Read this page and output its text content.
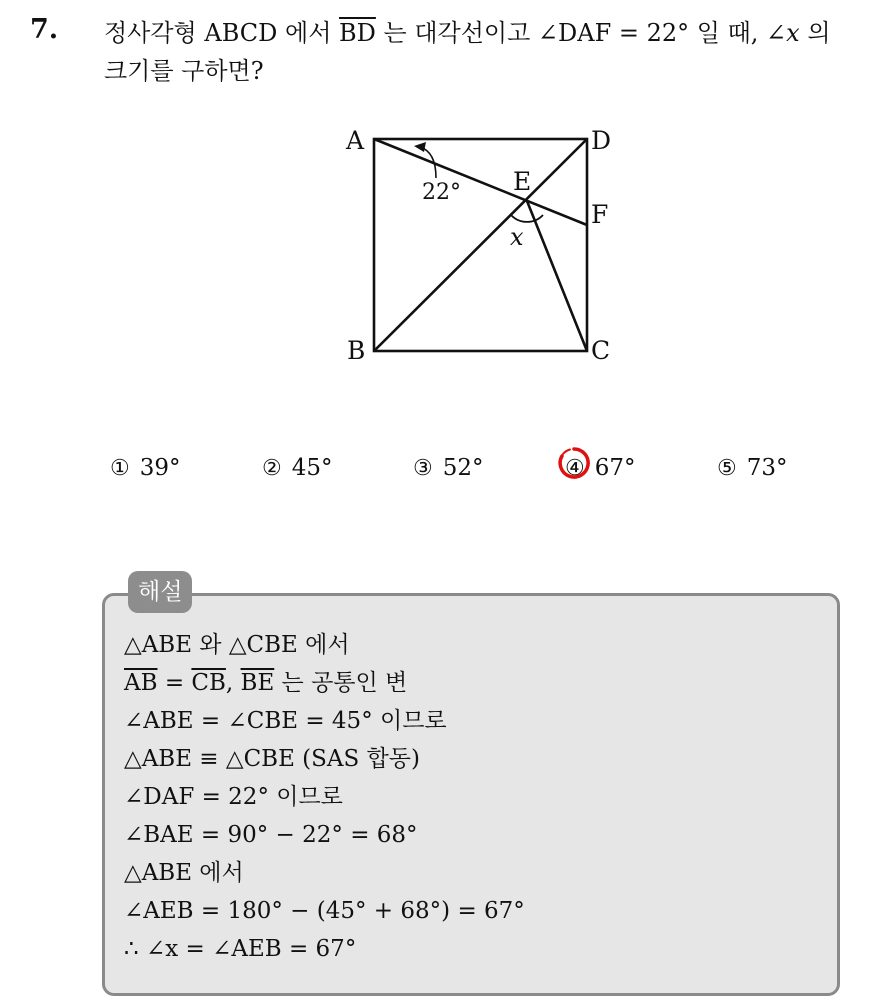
7. 정사각형 ABCD 에서 $\overline{BD}$ 는 대각선이고 ∠DAF = 22° 일 때, ∠x 의
크기를 구하면?
A	D
B	C
E
F
22°
x
① 39°	② 45°	③ 52°	④ 67°	⑤ 73°
해설
△ABE 와 △CBE 에서
$\overline{AB} = \overline{CB}$, $\overline{BE}$ 는 공통인 변
∠ABE = ∠CBE = 45° 이므로
△ABE ≡ △CBE (SAS 합동)
∠DAF = 22° 이므로
∠BAE = 90° − 22° = 68°
△ABE 에서
∠AEB = 180° − (45° + 68°) = 67°
∴ ∠x = ∠AEB = 67°
